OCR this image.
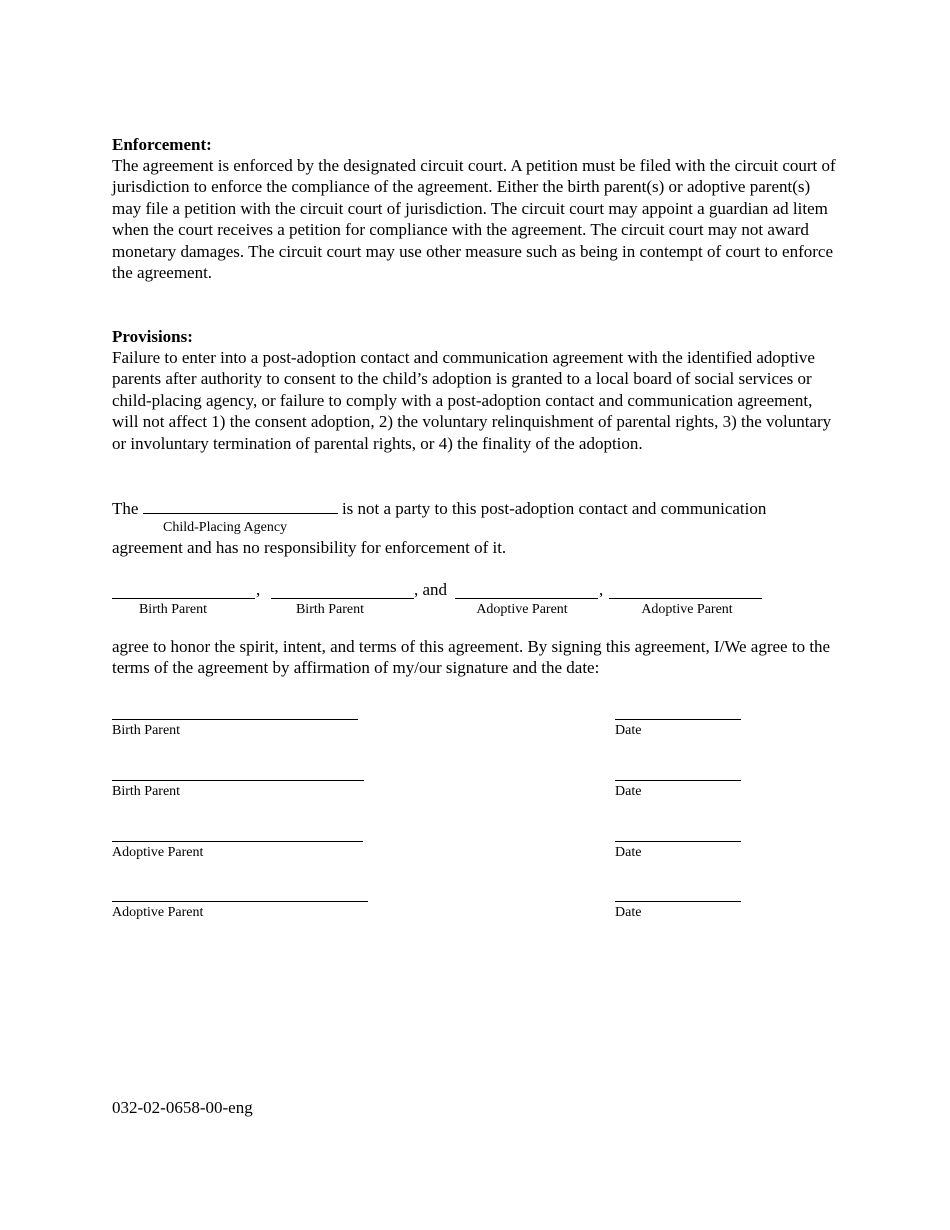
Enforcement:

The agreement is enforced by the designated circuit court. A petition must be filed with the circuit court of jurisdiction to enforce the compliance of the agreement. Either the birth parent(s) or adoptive parent(s) may file a petition with the circuit court of jurisdiction. The circuit court may appoint a guardian ad litem when the court receives a petition for compliance with the agreement. The circuit court may not award monetary damages. The circuit court may use other measure such as being in contempt of court to enforce the agreement.

Provisions:

Failure to enter into a post-adoption contact and communication agreement with the identified adoptive parents after authority to consent to the child’s adoption is granted to a local board of social services or child-placing agency, or failure to comply with a post-adoption contact and communication agreement, will not affect 1) the consent adoption, 2) the voluntary relinquishment of parental rights, 3) the voluntary or involuntary termination of parental rights, or 4) the finality of the adoption.

The	is not a party to this post-adoption contact and communication
Child-Placing Agency
agreement and has no responsibility for enforcement of it.
,	, and	,
Birth Parent	Birth Parent	Adoptive Parent	Adoptive Parent
agree to honor the spirit, intent, and terms of this agreement. By signing this agreement, I/We agree to the terms of the agreement by affirmation of my/our signature and the date:
Birth Parent	Date
Birth Parent	Date
Adoptive Parent	Date
Adoptive Parent	Date
032-02-0658-00-eng
